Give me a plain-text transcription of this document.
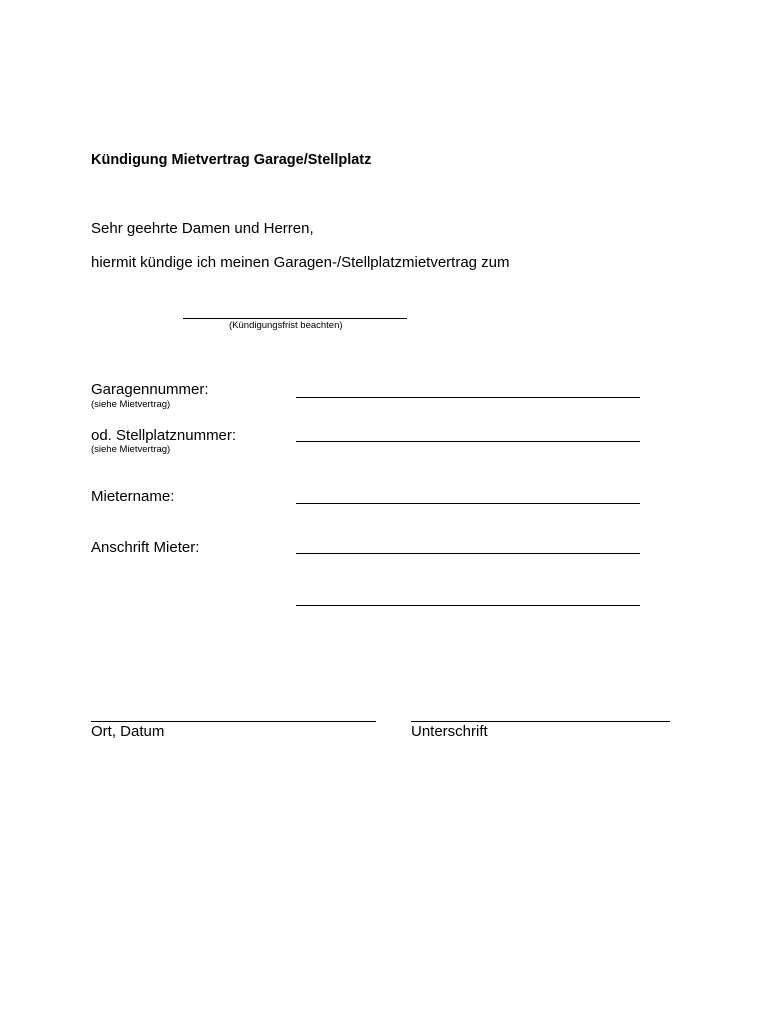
Kündigung Mietvertrag Garage/Stellplatz
Sehr geehrte Damen und Herren,
hiermit kündige ich meinen Garagen-/Stellplatzmietvertrag zum
(Kündigungsfrist beachten)
Garagennummer:
(siehe Mietvertrag)
od. Stellplatznummer:
(siehe Mietvertrag)
Mietername:
Anschrift Mieter:
Ort, Datum	Unterschrift
